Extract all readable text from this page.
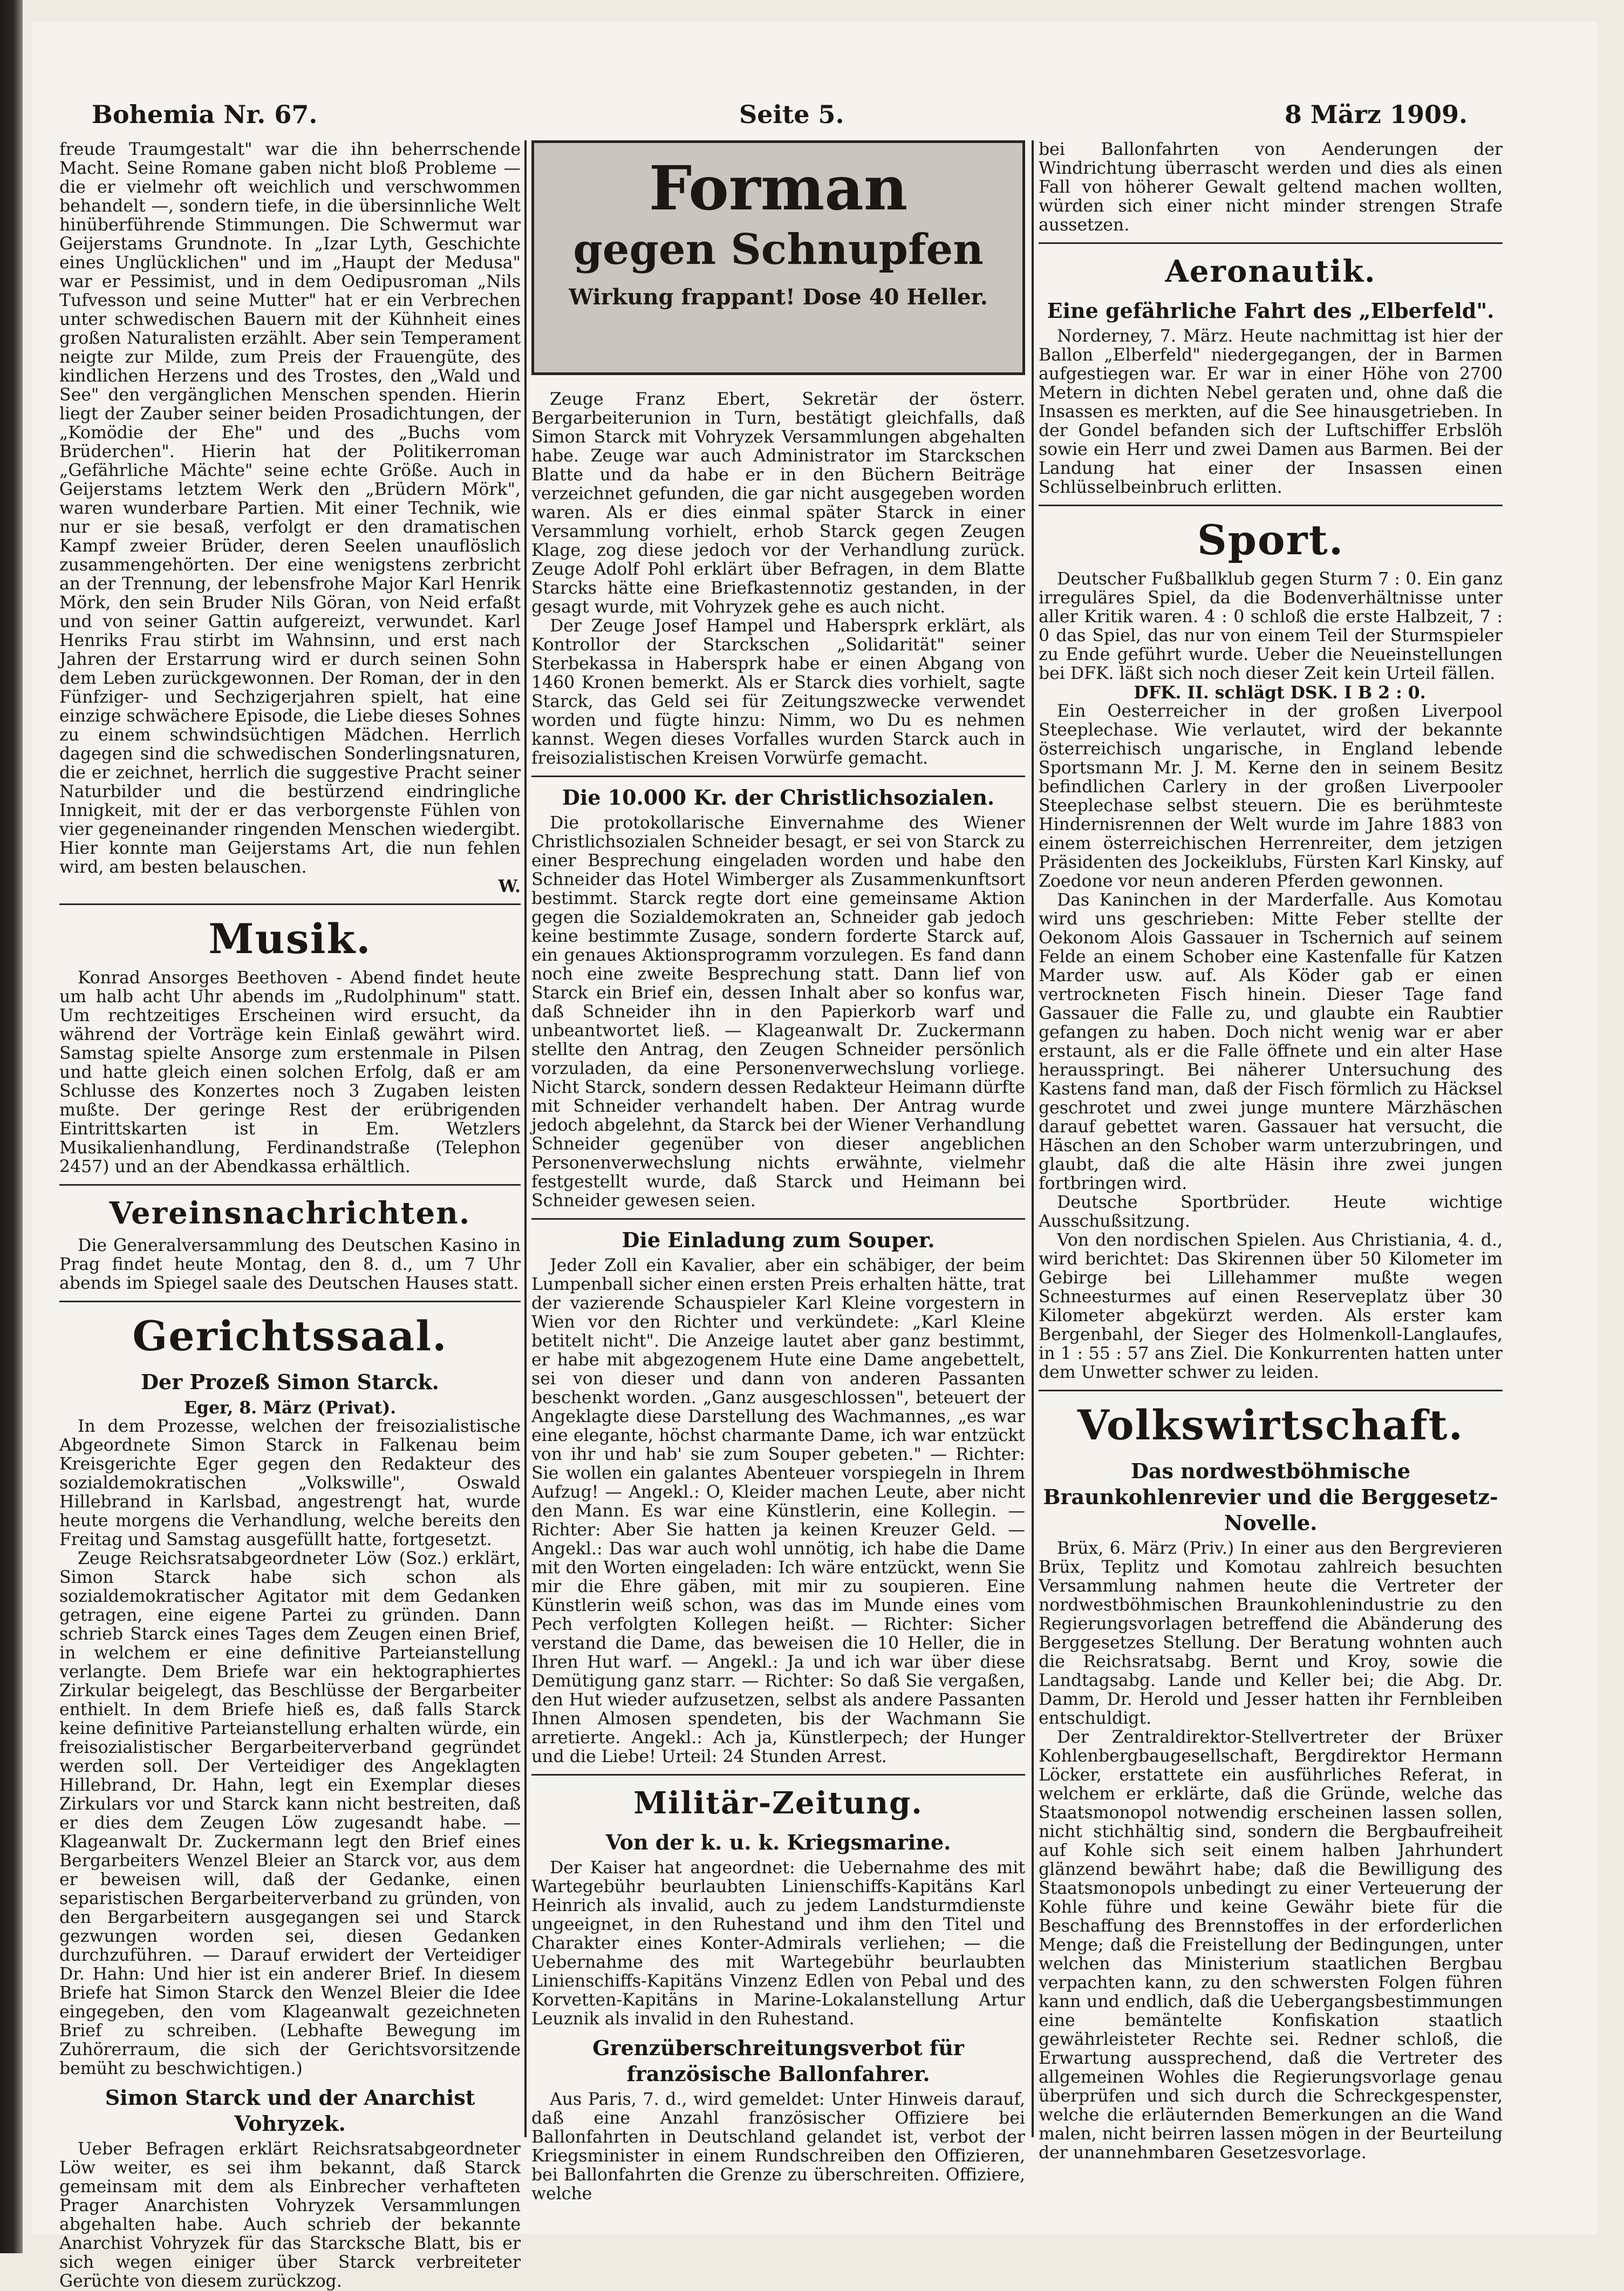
Bohemia Nr. 67.	Seite 5.	8 März 1909.

freude Traumgestalt" war die ihn beherrschende Macht. Seine Romane gaben nicht bloß Probleme — die er vielmehr oft weichlich und verschwommen behandelt —, sondern tiefe, in die übersinnliche Welt hinüberführende Stimmungen. Die Schwermut war Geijerstams Grundnote. In „Izar Lyth, Geschichte eines Unglücklichen" und im „Haupt der Medusa" war er Pessimist, und in dem Oedipusroman „Nils Tufvesson und seine Mutter" hat er ein Verbrechen unter schwedischen Bauern mit der Kühnheit eines großen Naturalisten erzählt. Aber sein Temperament neigte zur Milde, zum Preis der Frauengüte, des kindlichen Herzens und des Trostes, den „Wald und See" den vergänglichen Menschen spenden. Hierin liegt der Zauber seiner beiden Prosadichtungen, der „Komödie der Ehe" und des „Buchs vom Brüderchen". Hierin hat der Politikerroman „Gefährliche Mächte" seine echte Größe. Auch in Geijerstams letztem Werk den „Brüdern Mörk", waren wunderbare Partien. Mit einer Technik, wie nur er sie besaß, verfolgt er den dramatischen Kampf zweier Brüder, deren Seelen unauflöslich zusammengehörten. Der eine wenigstens zerbricht an der Trennung, der lebensfrohe Major Karl Henrik Mörk, den sein Bruder Nils Göran, von Neid erfaßt und von seiner Gattin aufgereizt, verwundet. Karl Henriks Frau stirbt im Wahnsinn, und erst nach Jahren der Erstarrung wird er durch seinen Sohn dem Leben zurückgewonnen. Der Roman, der in den Fünfziger- und Sechzigerjahren spielt, hat eine einzige schwächere Episode, die Liebe dieses Sohnes zu einem schwindsüchtigen Mädchen. Herrlich dagegen sind die schwedischen Sonderlingsnaturen, die er zeichnet, herrlich die suggestive Pracht seiner Naturbilder und die bestürzend eindringliche Innigkeit, mit der er das verborgenste Fühlen von vier gegeneinander ringenden Menschen wiedergibt. Hier konnte man Geijerstams Art, die nun fehlen wird, am besten belauschen.

W.
Musik.

Konrad Ansorges Beethoven - Abend findet heute um halb acht Uhr abends im „Rudolphinum" statt. Um rechtzeitiges Erscheinen wird ersucht, da während der Vorträge kein Einlaß gewährt wird. Samstag spielte Ansorge zum erstenmale in Pilsen und hatte gleich einen solchen Erfolg, daß er am Schlusse des Konzertes noch 3 Zugaben leisten mußte. Der geringe Rest der erübrigenden Eintrittskarten ist in Em. Wetzlers Musikalienhandlung, Ferdinandstraße (Telephon 2457) und an der Abendkassa erhältlich.

Vereinsnachrichten.

Die Generalversammlung des Deutschen Kasino in Prag findet heute Montag, den 8. d., um 7 Uhr abends im Spiegel saale des Deutschen Hauses statt.

Gerichtssaal.
Der Prozeß Simon Starck.
Eger, 8. März (Privat).

In dem Prozesse, welchen der freisozialistische Abgeordnete Simon Starck in Falkenau beim Kreisgerichte Eger gegen den Redakteur des sozialdemokratischen „Volkswille", Oswald Hillebrand in Karlsbad, angestrengt hat, wurde heute morgens die Verhandlung, welche bereits den Freitag und Samstag ausgefüllt hatte, fortgesetzt.

Zeuge Reichsratsabgeordneter Löw (Soz.) erklärt, Simon Starck habe sich schon als sozialdemokratischer Agitator mit dem Gedanken getragen, eine eigene Partei zu gründen. Dann schrieb Starck eines Tages dem Zeugen einen Brief, in welchem er eine definitive Parteianstellung verlangte. Dem Briefe war ein hektographiertes Zirkular beigelegt, das Beschlüsse der Bergarbeiter enthielt. In dem Briefe hieß es, daß falls Starck keine definitive Parteianstellung erhalten würde, ein freisozialistischer Bergarbeiterverband gegründet werden soll. Der Verteidiger des Angeklagten Hillebrand, Dr. Hahn, legt ein Exemplar dieses Zirkulars vor und Starck kann nicht bestreiten, daß er dies dem Zeugen Löw zugesandt habe. — Klageanwalt Dr. Zuckermann legt den Brief eines Bergarbeiters Wenzel Bleier an Starck vor, aus dem er beweisen will, daß der Gedanke, einen separistischen Bergarbeiterverband zu gründen, von den Bergarbeitern ausgegangen sei und Starck gezwungen worden sei, diesen Gedanken durchzuführen. — Darauf erwidert der Verteidiger Dr. Hahn: Und hier ist ein anderer Brief. In diesem Briefe hat Simon Starck den Wenzel Bleier die Idee eingegeben, den vom Klageanwalt gezeichneten Brief zu schreiben. (Lebhafte Bewegung im Zuhörerraum, die sich der Gerichtsvorsitzende bemüht zu beschwichtigen.)

Simon Starck und der Anarchist Vohryzek.

Ueber Befragen erklärt Reichsratsabgeordneter Löw weiter, es sei ihm bekannt, daß Starck gemeinsam mit dem als Einbrecher verhafteten Prager Anarchisten Vohryzek Versammlungen abgehalten habe. Auch schrieb der bekannte Anarchist Vohryzek für das Starcksche Blatt, bis er sich wegen einiger über Starck verbreiteter Gerüchte von diesem zurückzog.

Forman
gegen Schnupfen
Wirkung frappant! Dose 40 Heller.

Zeuge Franz Ebert, Sekretär der österr. Bergarbeiterunion in Turn, bestätigt gleichfalls, daß Simon Starck mit Vohryzek Versammlungen abgehalten habe. Zeuge war auch Administrator im Starckschen Blatte und da habe er in den Büchern Beiträge verzeichnet gefunden, die gar nicht ausgegeben worden waren. Als er dies einmal später Starck in einer Versammlung vorhielt, erhob Starck gegen Zeugen Klage, zog diese jedoch vor der Verhandlung zurück. Zeuge Adolf Pohl erklärt über Befragen, in dem Blatte Starcks hätte eine Briefkastennotiz gestanden, in der gesagt wurde, mit Vohryzek gehe es auch nicht.

Der Zeuge Josef Hampel und Habersprk erklärt, als Kontrollor der Starckschen „Solidarität" seiner Sterbekassa in Habersprk habe er einen Abgang von 1460 Kronen bemerkt. Als er Starck dies vorhielt, sagte Starck, das Geld sei für Zeitungszwecke verwendet worden und fügte hinzu: Nimm, wo Du es nehmen kannst. Wegen dieses Vorfalles wurden Starck auch in freisozialistischen Kreisen Vorwürfe gemacht.

Die 10.000 Kr. der Christlichsozialen.

Die protokollarische Einvernahme des Wiener Christlichsozialen Schneider besagt, er sei von Starck zu einer Besprechung eingeladen worden und habe den Schneider das Hotel Wimberger als Zusammenkunftsort bestimmt. Starck regte dort eine gemeinsame Aktion gegen die Sozialdemokraten an, Schneider gab jedoch keine bestimmte Zusage, sondern forderte Starck auf, ein genaues Aktionsprogramm vorzulegen. Es fand dann noch eine zweite Besprechung statt. Dann lief von Starck ein Brief ein, dessen Inhalt aber so konfus war, daß Schneider ihn in den Papierkorb warf und unbeantwortet ließ. — Klageanwalt Dr. Zuckermann stellte den Antrag, den Zeugen Schneider persönlich vorzuladen, da eine Personenverwechslung vorliege. Nicht Starck, sondern dessen Redakteur Heimann dürfte mit Schneider verhandelt haben. Der Antrag wurde jedoch abgelehnt, da Starck bei der Wiener Verhandlung Schneider gegenüber von dieser angeblichen Personenverwechslung nichts erwähnte, vielmehr festgestellt wurde, daß Starck und Heimann bei Schneider gewesen seien.

Die Einladung zum Souper.

Jeder Zoll ein Kavalier, aber ein schäbiger, der beim Lumpenball sicher einen ersten Preis erhalten hätte, trat der vazierende Schauspieler Karl Kleine vorgestern in Wien vor den Richter und verkündete: „Karl Kleine betitelt nicht". Die Anzeige lautet aber ganz bestimmt, er habe mit abgezogenem Hute eine Dame angebettelt, sei von dieser und dann von anderen Passanten beschenkt worden. „Ganz ausgeschlossen", beteuert der Angeklagte diese Darstellung des Wachmannes, „es war eine elegante, höchst charmante Dame, ich war entzückt von ihr und hab' sie zum Souper gebeten." — Richter: Sie wollen ein galantes Abenteuer vorspiegeln in Ihrem Aufzug! — Angekl.: O, Kleider machen Leute, aber nicht den Mann. Es war eine Künstlerin, eine Kollegin. — Richter: Aber Sie hatten ja keinen Kreuzer Geld. — Angekl.: Das war auch wohl unnötig, ich habe die Dame mit den Worten eingeladen: Ich wäre entzückt, wenn Sie mir die Ehre gäben, mit mir zu soupieren. Eine Künstlerin weiß schon, was das im Munde eines vom Pech verfolgten Kollegen heißt. — Richter: Sicher verstand die Dame, das beweisen die 10 Heller, die in Ihren Hut warf. — Angekl.: Ja und ich war über diese Demütigung ganz starr. — Richter: So daß Sie vergaßen, den Hut wieder aufzusetzen, selbst als andere Passanten Ihnen Almosen spendeten, bis der Wachmann Sie arretierte. Angekl.: Ach ja, Künstlerpech; der Hunger und die Liebe! Urteil: 24 Stunden Arrest.

Militär-Zeitung.
Von der k. u. k. Kriegsmarine.

Der Kaiser hat angeordnet: die Uebernahme des mit Wartegebühr beurlaubten Linienschiffs-Kapitäns Karl Heinrich als invalid, auch zu jedem Landsturmdienste ungeeignet, in den Ruhestand und ihm den Titel und Charakter eines Konter-Admirals verliehen; — die Uebernahme des mit Wartegebühr beurlaubten Linienschiffs-Kapitäns Vinzenz Edlen von Pebal und des Korvetten-Kapitäns in Marine-Lokalanstellung Artur Leuznik als invalid in den Ruhestand.

Grenzüberschreitungsverbot für französische Ballonfahrer.

Aus Paris, 7. d., wird gemeldet: Unter Hinweis darauf, daß eine Anzahl französischer Offiziere bei Ballonfahrten in Deutschland gelandet ist, verbot der Kriegsminister in einem Rundschreiben den Offizieren, bei Ballonfahrten die Grenze zu überschreiten. Offiziere, welche

bei Ballonfahrten von Aenderungen der Windrichtung überrascht werden und dies als einen Fall von höherer Gewalt geltend machen wollten, würden sich einer nicht minder strengen Strafe aussetzen.

Aeronautik.
Eine gefährliche Fahrt des „Elberfeld".

Norderney, 7. März. Heute nachmittag ist hier der Ballon „Elberfeld" niedergegangen, der in Barmen aufgestiegen war. Er war in einer Höhe von 2700 Metern in dichten Nebel geraten und, ohne daß die Insassen es merkten, auf die See hinausgetrieben. In der Gondel befanden sich der Luftschiffer Erbslöh sowie ein Herr und zwei Damen aus Barmen. Bei der Landung hat einer der Insassen einen Schlüsselbeinbruch erlitten.

Sport.

Deutscher Fußballklub gegen Sturm 7 : 0. Ein ganz irreguläres Spiel, da die Bodenverhältnisse unter aller Kritik waren. 4 : 0 schloß die erste Halbzeit, 7 : 0 das Spiel, das nur von einem Teil der Sturmspieler zu Ende geführt wurde. Ueber die Neueinstellungen bei DFK. läßt sich noch dieser Zeit kein Urteil fällen.

DFK. II. schlägt DSK. I B 2 : 0.

Ein Oesterreicher in der großen Liverpool Steeplechase. Wie verlautet, wird der bekannte österreichisch ungarische, in England lebende Sportsmann Mr. J. M. Kerne den in seinem Besitz befindlichen Carlery in der großen Liverpooler Steeplechase selbst steuern. Die es berühmteste Hindernisrennen der Welt wurde im Jahre 1883 von einem österreichischen Herrenreiter, dem jetzigen Präsidenten des Jockeiklubs, Fürsten Karl Kinsky, auf Zoedone vor neun anderen Pferden gewonnen.

Das Kaninchen in der Marderfalle. Aus Komotau wird uns geschrieben: Mitte Feber stellte der Oekonom Alois Gassauer in Tschernich auf seinem Felde an einem Schober eine Kastenfalle für Katzen Marder usw. auf. Als Köder gab er einen vertrockneten Fisch hinein. Dieser Tage fand Gassauer die Falle zu, und glaubte ein Raubtier gefangen zu haben. Doch nicht wenig war er aber erstaunt, als er die Falle öffnete und ein alter Hase herausspringt. Bei näherer Untersuchung des Kastens fand man, daß der Fisch förmlich zu Häcksel geschrotet und zwei junge muntere Märzhäschen darauf gebettet waren. Gassauer hat versucht, die Häschen an den Schober warm unterzubringen, und glaubt, daß die alte Häsin ihre zwei jungen fortbringen wird.

Deutsche Sportbrüder. Heute wichtige Ausschußsitzung.

Von den nordischen Spielen. Aus Christiania, 4. d., wird berichtet: Das Skirennen über 50 Kilometer im Gebirge bei Lillehammer mußte wegen Schneesturmes auf einen Reserveplatz über 30 Kilometer abgekürzt werden. Als erster kam Bergenbahl, der Sieger des Holmenkoll-Langlaufes, in 1 : 55 : 57 ans Ziel. Die Konkurrenten hatten unter dem Unwetter schwer zu leiden.

Volkswirtschaft.
Das nordwestböhmische Braunkohlenrevier und die Berggesetz-Novelle.

Brüx, 6. März (Priv.) In einer aus den Bergrevieren Brüx, Teplitz und Komotau zahlreich besuchten Versammlung nahmen heute die Vertreter der nordwestböhmischen Braunkohlenindustrie zu den Regierungsvorlagen betreffend die Abänderung des Berggesetzes Stellung. Der Beratung wohnten auch die Reichsratsabg. Bernt und Kroy, sowie die Landtagsabg. Lande und Keller bei; die Abg. Dr. Damm, Dr. Herold und Jesser hatten ihr Fernbleiben entschuldigt.

Der Zentraldirektor-Stellvertreter der Brüxer Kohlenbergbaugesellschaft, Bergdirektor Hermann Löcker, erstattete ein ausführliches Referat, in welchem er erklärte, daß die Gründe, welche das Staatsmonopol notwendig erscheinen lassen sollen, nicht stichhältig sind, sondern die Bergbaufreiheit auf Kohle sich seit einem halben Jahrhundert glänzend bewährt habe; daß die Bewilligung des Staatsmonopols unbedingt zu einer Verteuerung der Kohle führe und keine Gewähr biete für die Beschaffung des Brennstoffes in der erforderlichen Menge; daß die Freistellung der Bedingungen, unter welchen das Ministerium staatlichen Bergbau verpachten kann, zu den schwersten Folgen führen kann und endlich, daß die Uebergangsbestimmungen eine bemäntelte Konfiskation staatlich gewährleisteter Rechte sei. Redner schloß, die Erwartung aussprechend, daß die Vertreter des allgemeinen Wohles die Regierungsvorlage genau überprüfen und sich durch die Schreckgespenster, welche die erläuternden Bemerkungen an die Wand malen, nicht beirren lassen mögen in der Beurteilung der unannehmbaren Gesetzesvorlage.
